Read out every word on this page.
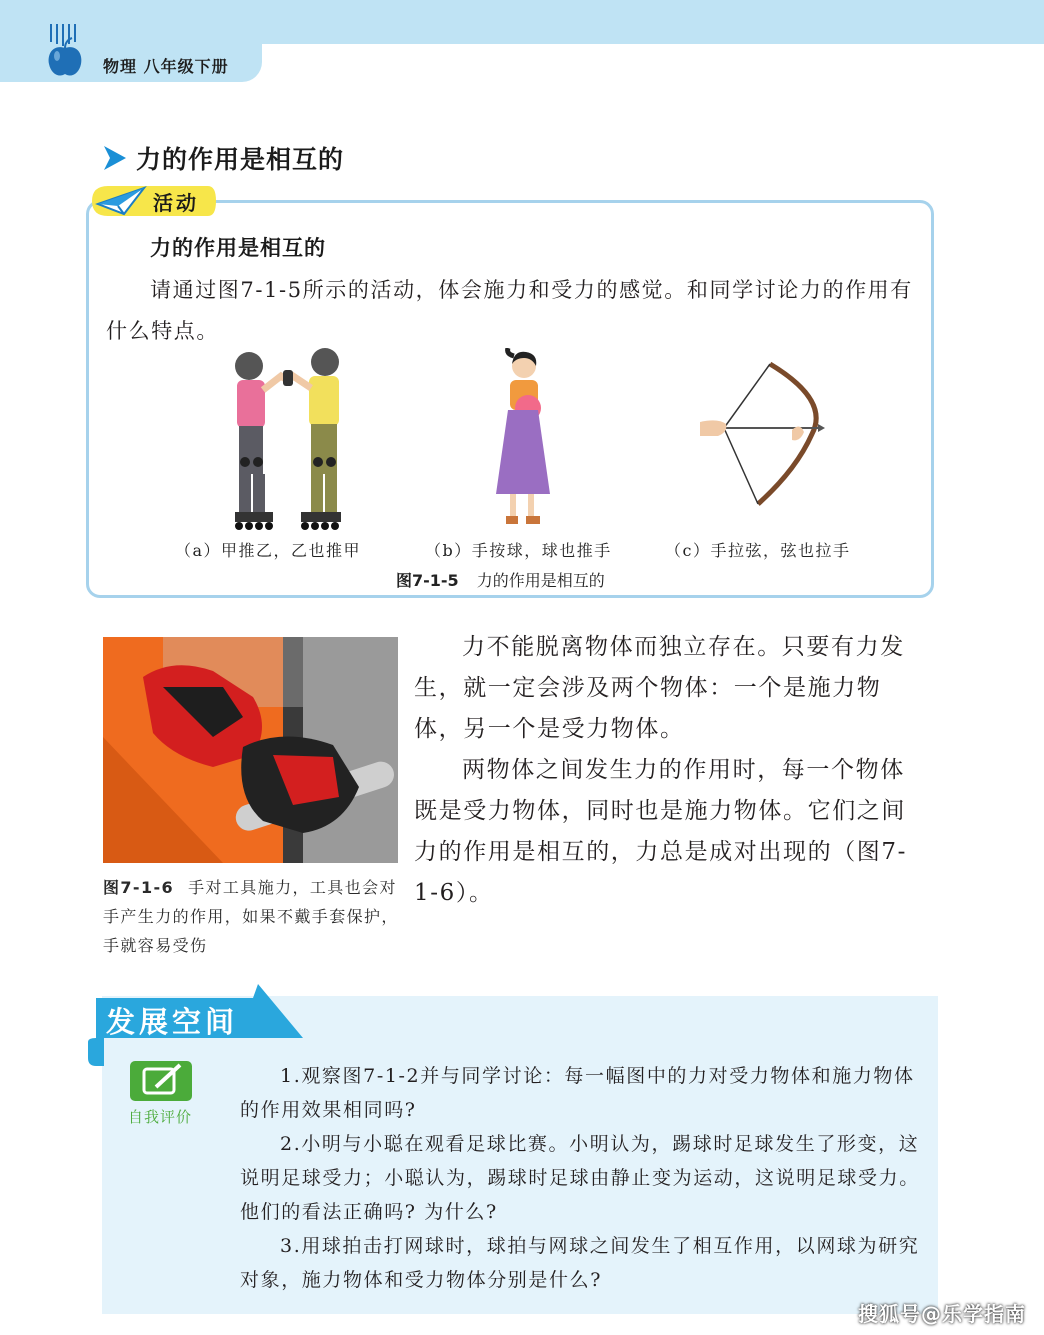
物理 八年级下册
力的作用是相互的
活动
力的作用是相互的
请通过图7-1-5所示的活动，体会施力和受力的感觉。和同学讨论力的作用有什么特点。
（a）甲推乙，乙也推甲	（b）手按球，球也推手	（c）手拉弦，弦也拉手
图7-1-5 力的作用是相互的
图7-1-6 手对工具施力，工具也会对手产生力的作用，如果不戴手套保护，手就容易受伤

力不能脱离物体而独立存在。只要有力发生，就一定会涉及两个物体：一个是施力物体，另一个是受力物体。

两物体之间发生力的作用时，每一个物体既是受力物体，同时也是施力物体。它们之间力的作用是相互的，力总是成对出现的（图7-1-6）。

发展空间
自我评价

1.观察图7-1-2并与同学讨论：每一幅图中的力对受力物体和施力物体的作用效果相同吗?

2.小明与小聪在观看足球比赛。小明认为，踢球时足球发生了形变，这说明足球受力；小聪认为，踢球时足球由静止变为运动，这说明足球受力。他们的看法正确吗? 为什么?

3.用球拍击打网球时，球拍与网球之间发生了相互作用，以网球为研究对象，施力物体和受力物体分别是什么?

搜狐号@乐学指南
